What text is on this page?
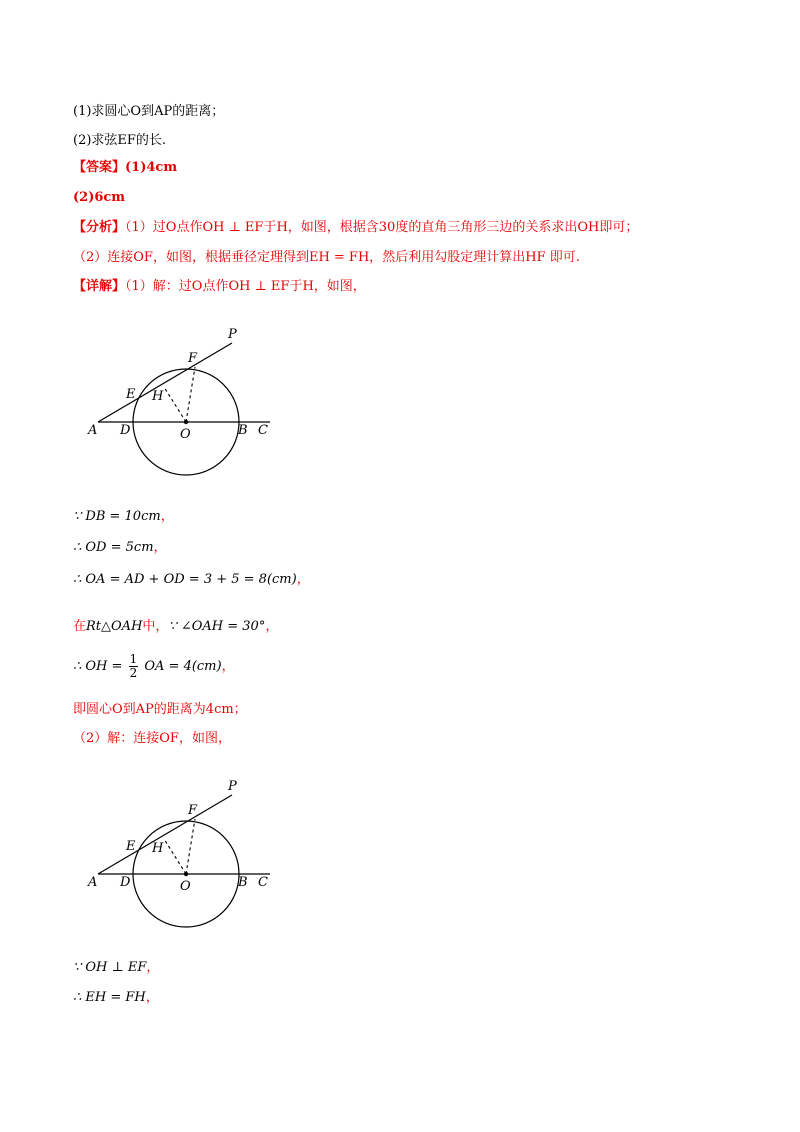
(1)求圆心O到AP的距离；
(2)求弦EF的长.
【答案】(1)4cm
(2)6cm
【分析】（1）过O点作OH ⊥ EF于H，如图，根据含30度的直角三角形三边的关系求出OH即可；
（2）连接OF，如图，根据垂径定理得到EH = FH，然后利用勾股定理计算出HF 即可.
【详解】（1）解：过O点作OH ⊥ EF于H，如图，
P
F
E H
A D	O	B C
∵ DB = 10cm，
∴ OD = 5cm，
∴ OA = AD + OD = 3 + 5 = 8(cm)，
在Rt△OAH中，∵ ∠OAH = 30°，
∴ OH = $\frac{1}{2}$ OA = 4(cm)，
即圆心O到AP的距离为4cm；
（2）解：连接OF，如图，
P
F
E H
A D	O	B C
∵ OH ⊥ EF，
∴ EH = FH，
